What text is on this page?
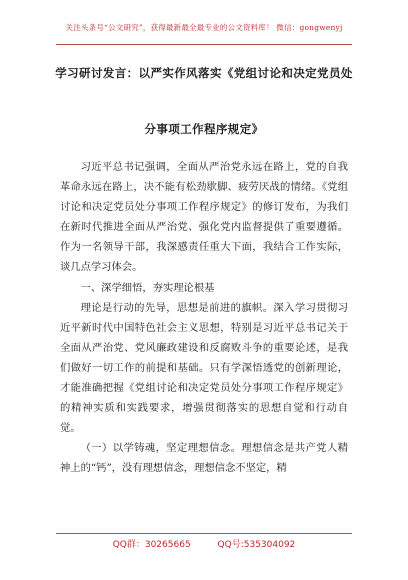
关注头条号“公文研究”，获得最新最全最专业的公文资料库！ 微信：gongwenyj
学习研讨发言：以严实作风落实《党组讨论和决定党员处
分事项工作程序规定》

习近平总书记强调，全面从严治党永远在路上，党的自我革命永远在路上，决不能有松劲歇脚、疲劳厌战的情绪。《党组讨论和决定党员处分事项工作程序规定》的修订发布，为我们在新时代推进全面从严治党、强化党内监督提供了重要遵循。作为一名领导干部，我深感责任重大下面，我结合工作实际，谈几点学习体会。

一、深学细悟，夯实理论根基

理论是行动的先导，思想是前进的旗帜。深入学习贯彻习近平新时代中国特色社会主义思想，特别是习近平总书记关于全面从严治党、党风廉政建设和反腐败斗争的重要论述，是我们做好一切工作的前提和基础。只有学深悟透党的创新理论，才能准确把握《党组讨论和决定党员处分事项工作程序规定》的精神实质和实践要求，增强贯彻落实的思想自觉和行动自觉。

（一）以学铸魂，坚定理想信念。理想信念是共产党人精神上的“钙”，没有理想信念，理想信念不坚定，精

QQ群：30265665	QQ号:535304092
